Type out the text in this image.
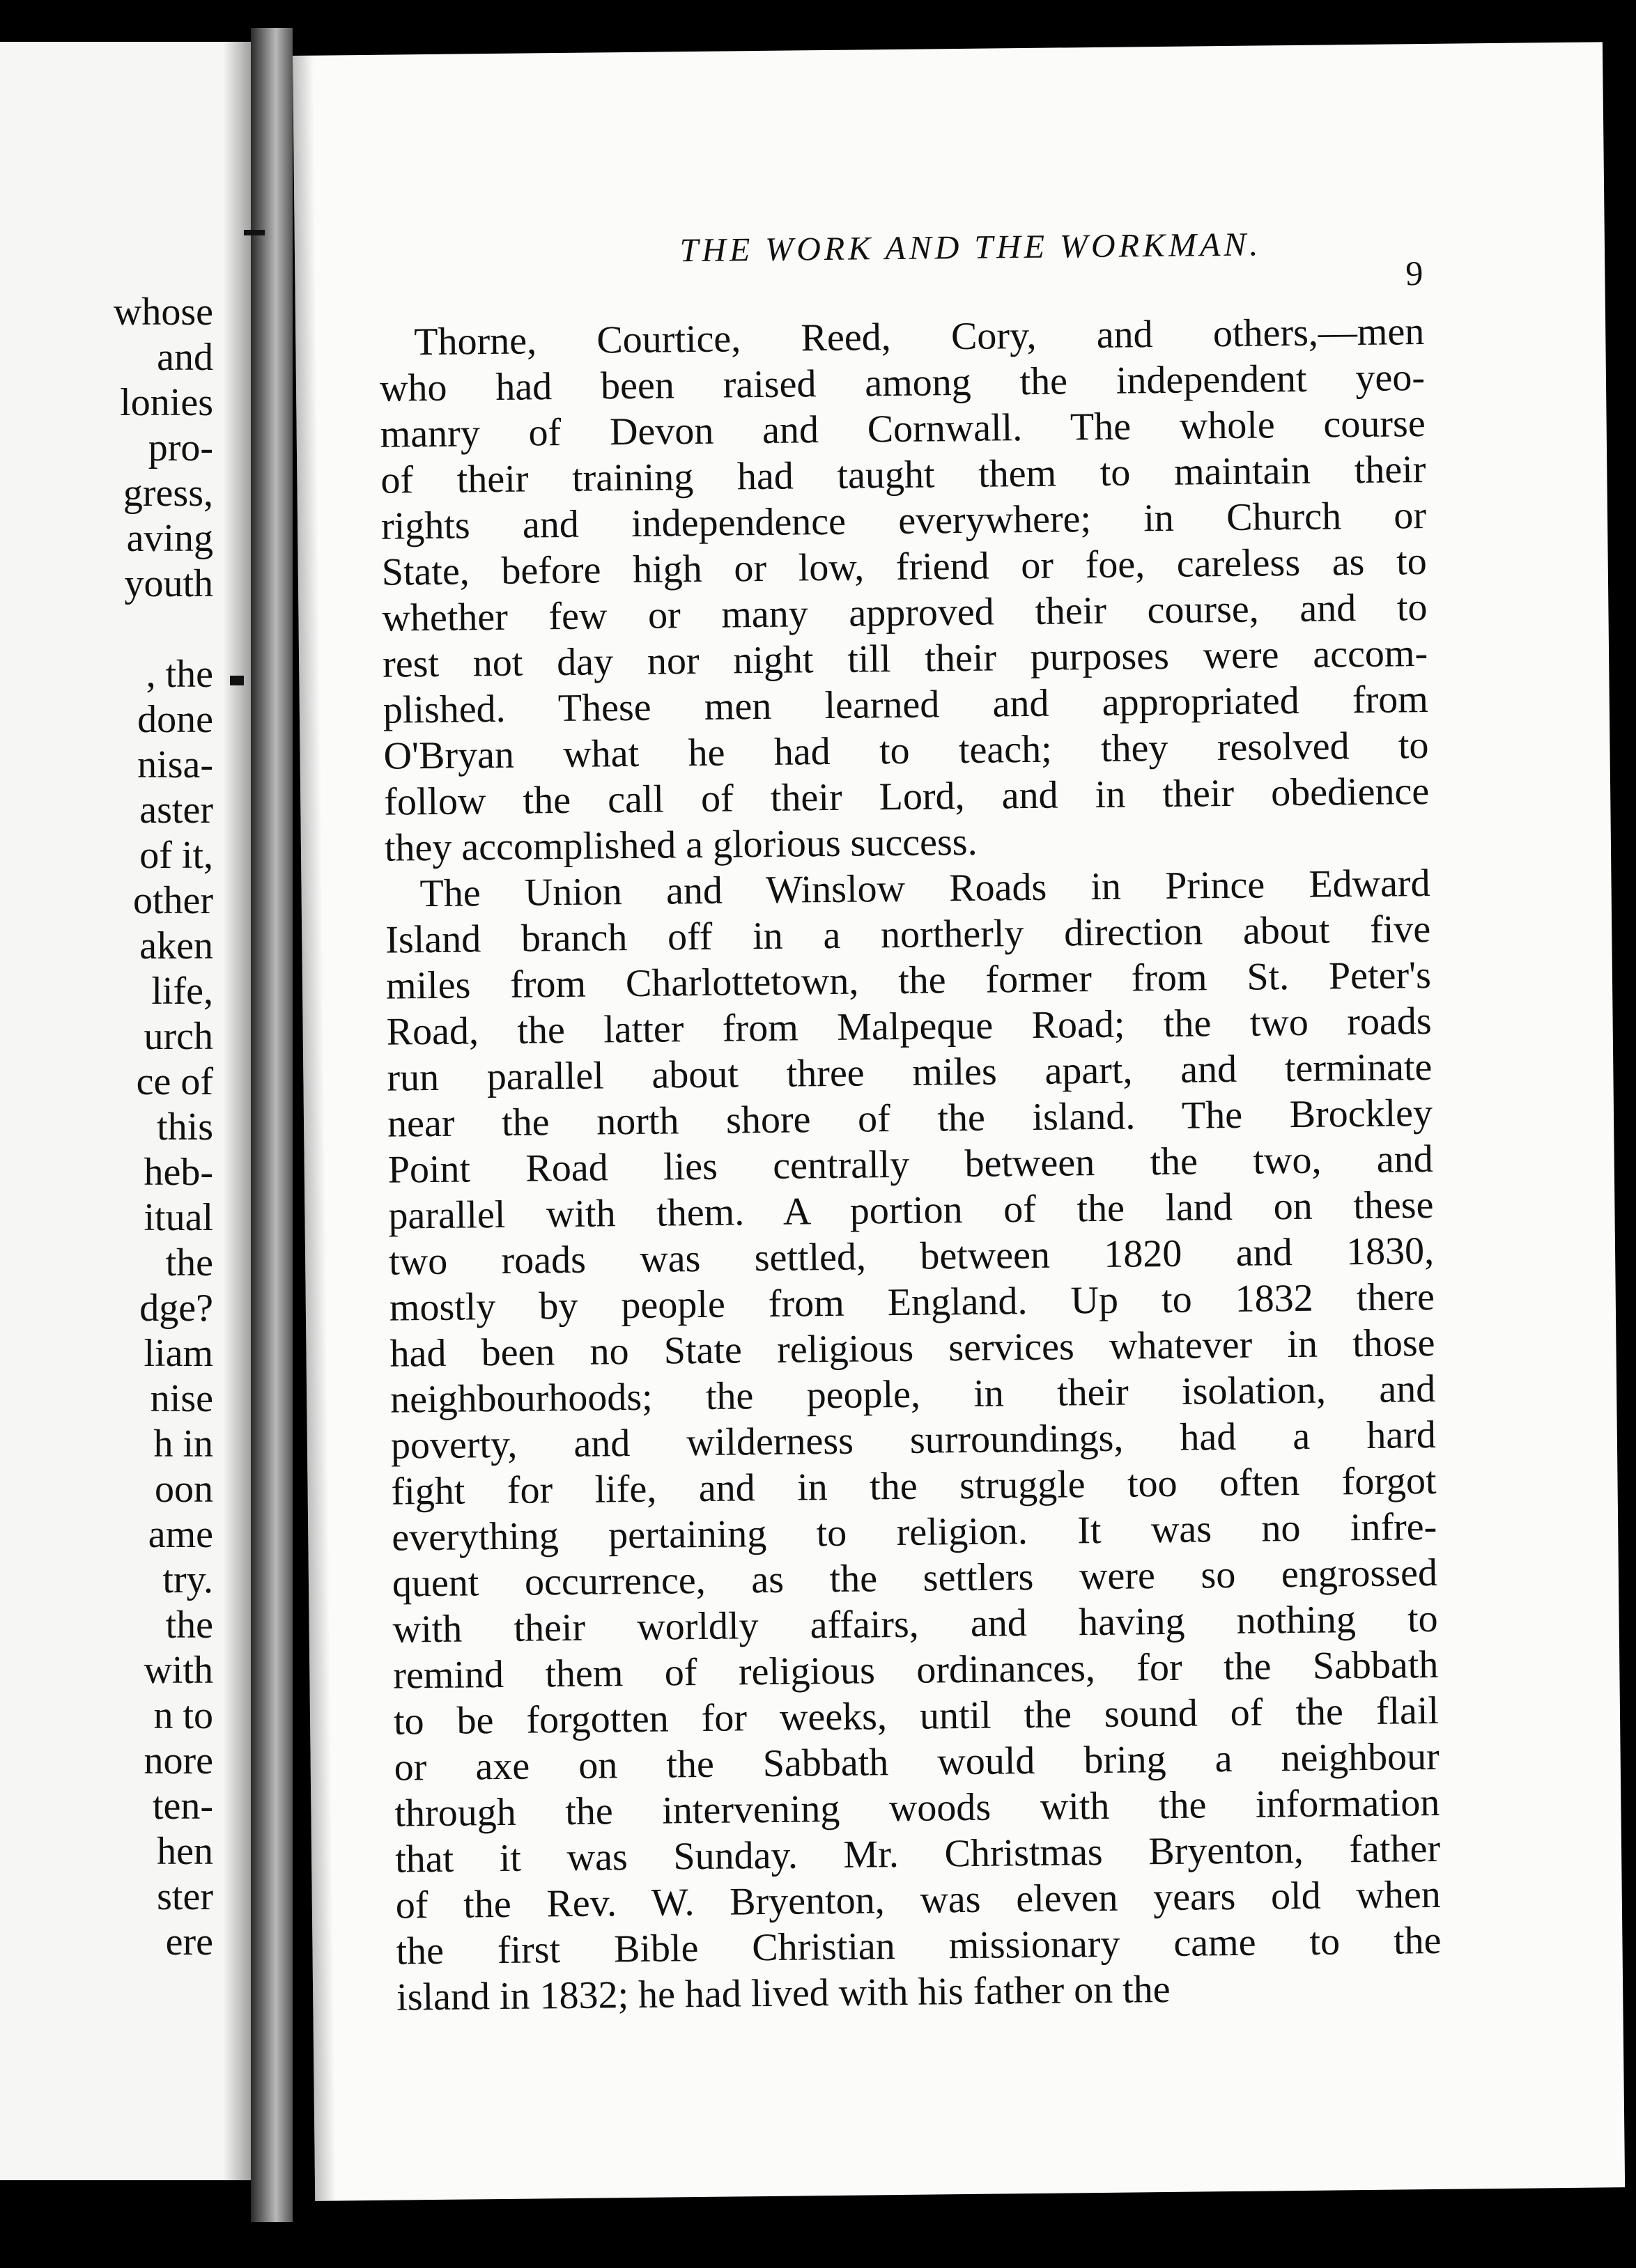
whose
and
lonies
pro-
gress,
aving
youth
, the
done
nisa-
aster
of it,
other
aken
life,
urch
ce of
this
heb-
itual
the
dge?
liam
nise
h in
oon
ame
try.
the
with
n to
nore
ten-
hen
ster
ere
THE WORK AND THE WORKMAN.
9
Thorne, Courtice, Reed, Cory, and others,—men
who had been raised among the independent yeo-
manry of Devon and Cornwall. The whole course
of their training had taught them to maintain their
rights and independence everywhere; in Church or
State, before high or low, friend or foe, careless as to
whether few or many approved their course, and to
rest not day nor night till their purposes were accom-
plished. These men learned and appropriated from
O'Bryan what he had to teach; they resolved to
follow the call of their Lord, and in their obedience
they accomplished a glorious success.
The Union and Winslow Roads in Prince Edward
Island branch off in a northerly direction about five
miles from Charlottetown, the former from St. Peter's
Road, the latter from Malpeque Road; the two roads
run parallel about three miles apart, and terminate
near the north shore of the island. The Brockley
Point Road lies centrally between the two, and
parallel with them. A portion of the land on these
two roads was settled, between 1820 and 1830,
mostly by people from England. Up to 1832 there
had been no State religious services whatever in those
neighbourhoods; the people, in their isolation, and
poverty, and wilderness surroundings, had a hard
fight for life, and in the struggle too often forgot
everything pertaining to religion. It was no infre-
quent occurrence, as the settlers were so engrossed
with their worldly affairs, and having nothing to
remind them of religious ordinances, for the Sabbath
to be forgotten for weeks, until the sound of the flail
or axe on the Sabbath would bring a neighbour
through the intervening woods with the information
that it was Sunday. Mr. Christmas Bryenton, father
of the Rev. W. Bryenton, was eleven years old when
the first Bible Christian missionary came to the
island in 1832; he had lived with his father on the
